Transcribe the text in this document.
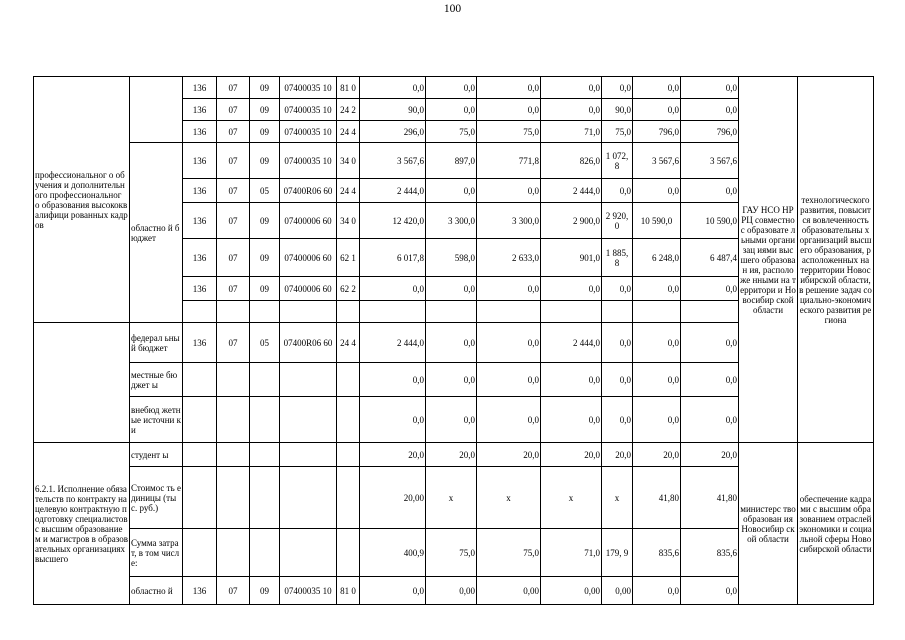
100
профессиональног о обучения и дополнительного профессиональног о образования высококвалифици рованных кадров		136	07	09	07400035 10	81 0	0,0	0,0	0,0	0,0	0,0	0,0	0,0	ГАУ НСО НРРЦ совместно с образовате льными организац иями высшего образован ия, расположе нными на территори и Новосибир ской области	технологического развития, повысится вовлеченность образовательны х организаций высшего образования, расположенных на территории Новосибирской области, в решение задач социально-экономического развития региона	
		136	07	09	07400035 10	24 2	90,0	0,0	0,0	0,0	90,0	0,0	0,0			
		136	07	09	07400035 10	24 4	296,0	75,0	75,0	71,0	75,0	796,0	796,0			
	областно й бюджет	136	07	09	07400035 10	34 0	3 567,6	897,0	771,8	826,0	1 072, 8	3 567,6	3 567,6			
		136	07	05	07400R06 60	24 4	2 444,0	0,0	0,0	2 444,0	0,0	0,0	0,0			
		136	07	09	07400006 60	34 0	12 420,0	3 300,0	3 300,0	2 900,0	2 920, 0	10 590,0	10 590,0			
		136	07	09	07400006 60	62 1	6 017,8	598,0	2 633,0	901,0	1 885, 8	6 248,0	6 487,4			
		136	07	09	07400006 60	62 2	0,0	0,0	0,0	0,0	0,0	0,0	0,0			

	федерал ьный бюджет	136	07	05	07400R06 60	24 4	2 444,0	0,0	0,0	2 444,0	0,0	0,0	0,0			
	местные бюджет ы						0,0	0,0	0,0	0,0	0,0	0,0	0,0			
	внебюд жетные источни ки						0,0	0,0	0,0	0,0	0,0	0,0	0,0			
6.2.1. Исполнение обязательств по контракту на целевую контрактную подготовку специалистов с высшим образованием и магистров в образовательных организациях высшего	студент ы						20,0	20,0	20,0	20,0	20,0	20,0	20,0	министерс тво образован ия Новосибир ской области	обеспечение кадрами с высшим образованием отраслей экономики и социальной сферы Новосибирской области	
	Стоимос ть единицы (тыс. руб.)						20,00	х	х	х	х	41,80	41,80			
	Сумма затрат, в том числе:						400,9	75,0	75,0	71,0	179, 9	835,6	835,6			
	областно й	136	07	09	07400035 10	81 0	0,0	0,00	0,00	0,00	0,00	0,0	0,0			
